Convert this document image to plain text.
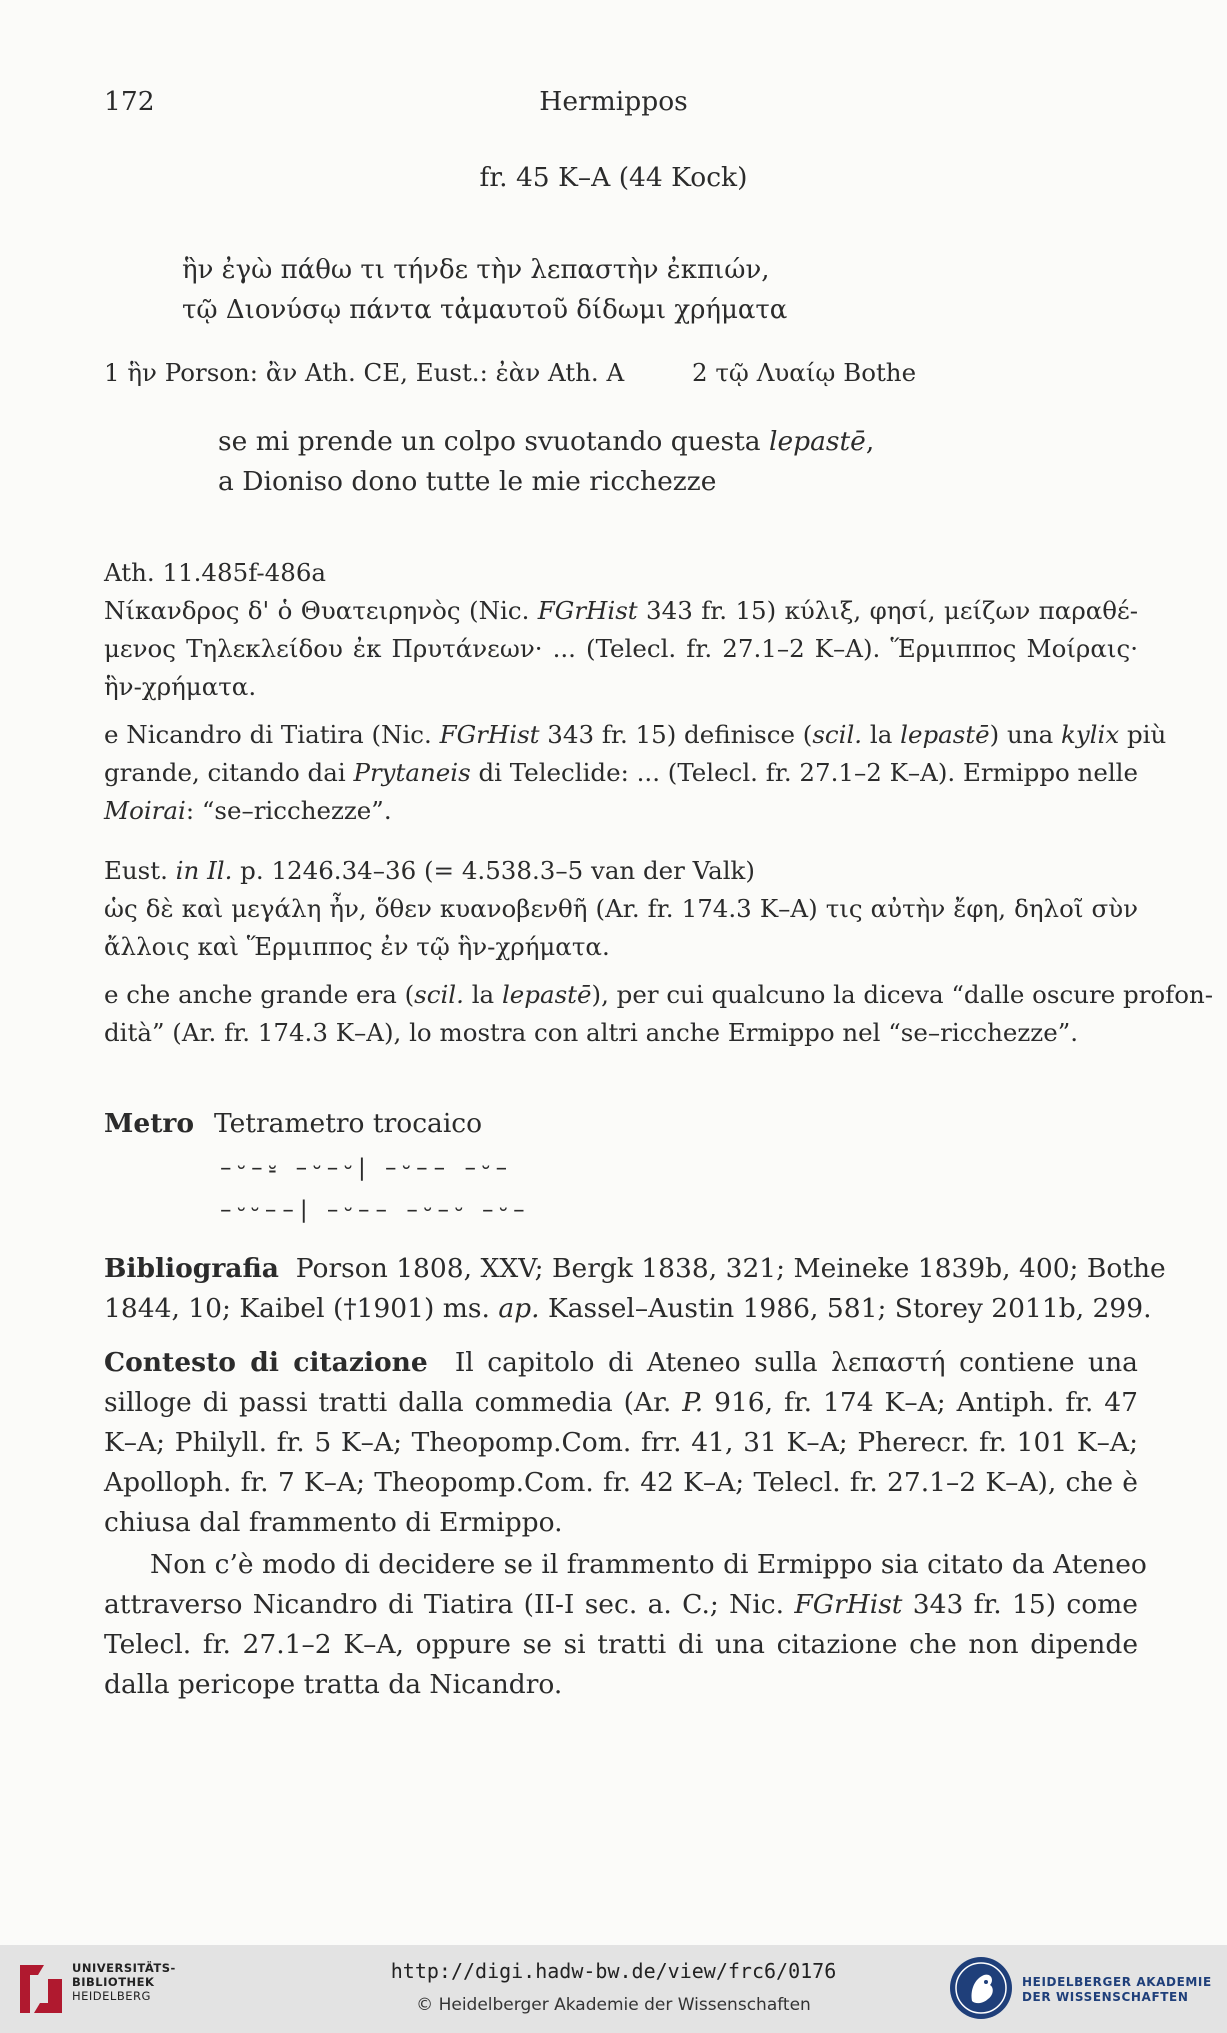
172	Hermippos
fr. 45 K–A (44 Kock)
ἣν ἐγὼ πάθω τι τήνδε τὴν λεπαστὴν ἐκπιών,
τῷ Διονύσῳ πάντα τἀμαυτοῦ δίδωμι χρήματα
1 ἣν Porson: ἂν Ath. CE, Eust.: ἐὰν Ath. A	2 τῷ Λυαίῳ Bothe
se mi prende un colpo svuotando questa lepastē,
a Dioniso dono tutte le mie ricchezze
Ath. 11.485f-486a
Νίκανδρος δ' ὁ Θυατειρηνὸς (Nic. FGrHist 343 fr. 15) κύλιξ, φησί, μείζων παραθέ-
μενος Τηλεκλείδου ἐκ Πρυτάνεων· ... (Telecl. fr. 27.1–2 K–A). Ἕρμιππος Μοίραις·
ἣν-χρήματα.
e Nicandro di Tiatira (Nic. FGrHist 343 fr. 15) definisce (scil. la lepastē) una kylix più
grande, citando dai Prytaneis di Teleclide: ... (Telecl. fr. 27.1–2 K–A). Ermippo nelle
Moirai: “se–ricchezze”.
Eust. in Il. p. 1246.34–36 (= 4.538.3–5 van der Valk)
ὡς δὲ καὶ μεγάλη ἦν, ὅθεν κυανοβενθῆ (Ar. fr. 174.3 K–A) τις αὐτὴν ἔφη, δηλοῖ σὺν
ἄλλοις καὶ Ἕρμιππος ἐν τῷ ἣν-χρήματα.
e che anche grande era (scil. la lepastē), per cui qualcuno la diceva “dalle oscure profon-
dità” (Ar. fr. 174.3 K–A), lo mostra con altri anche Ermippo nel “se–ricchezze”.
Metro Tetrametro trocaico
–⏑–⏓ –⏑–⏑| –⏑–– –⏑–
–⏑⏑––| –⏑–– –⏑–⏑ –⏑–
Bibliografia Porson 1808, XXV; Bergk 1838, 321; Meineke 1839b, 400; Bothe
1844, 10; Kaibel (†1901) ms. ap. Kassel–Austin 1986, 581; Storey 2011b, 299.
Contesto di citazione Il capitolo di Ateneo sulla λεπαστή contiene una
silloge di passi tratti dalla commedia (Ar. P. 916, fr. 174 K–A; Antiph. fr. 47
K–A; Philyll. fr. 5 K–A; Theopomp.Com. frr. 41, 31 K–A; Pherecr. fr. 101 K–A;
Apolloph. fr. 7 K–A; Theopomp.Com. fr. 42 K–A; Telecl. fr. 27.1–2 K–A), che è
chiusa dal frammento di Ermippo.
Non c’è modo di decidere se il frammento di Ermippo sia citato da Ateneo
attraverso Nicandro di Tiatira (II-I sec. a. C.; Nic. FGrHist 343 fr. 15) come
Telecl. fr. 27.1–2 K–A, oppure se si tratti di una citazione che non dipende
dalla pericope tratta da Nicandro.
UNIVERSITÄTS-
BIBLIOTHEK
HEIDELBERG
http://digi.hadw-bw.de/view/frc6/0176
© Heidelberger Akademie der Wissenschaften
HEIDELBERGER AKADEMIE
DER WISSENSCHAFTEN
